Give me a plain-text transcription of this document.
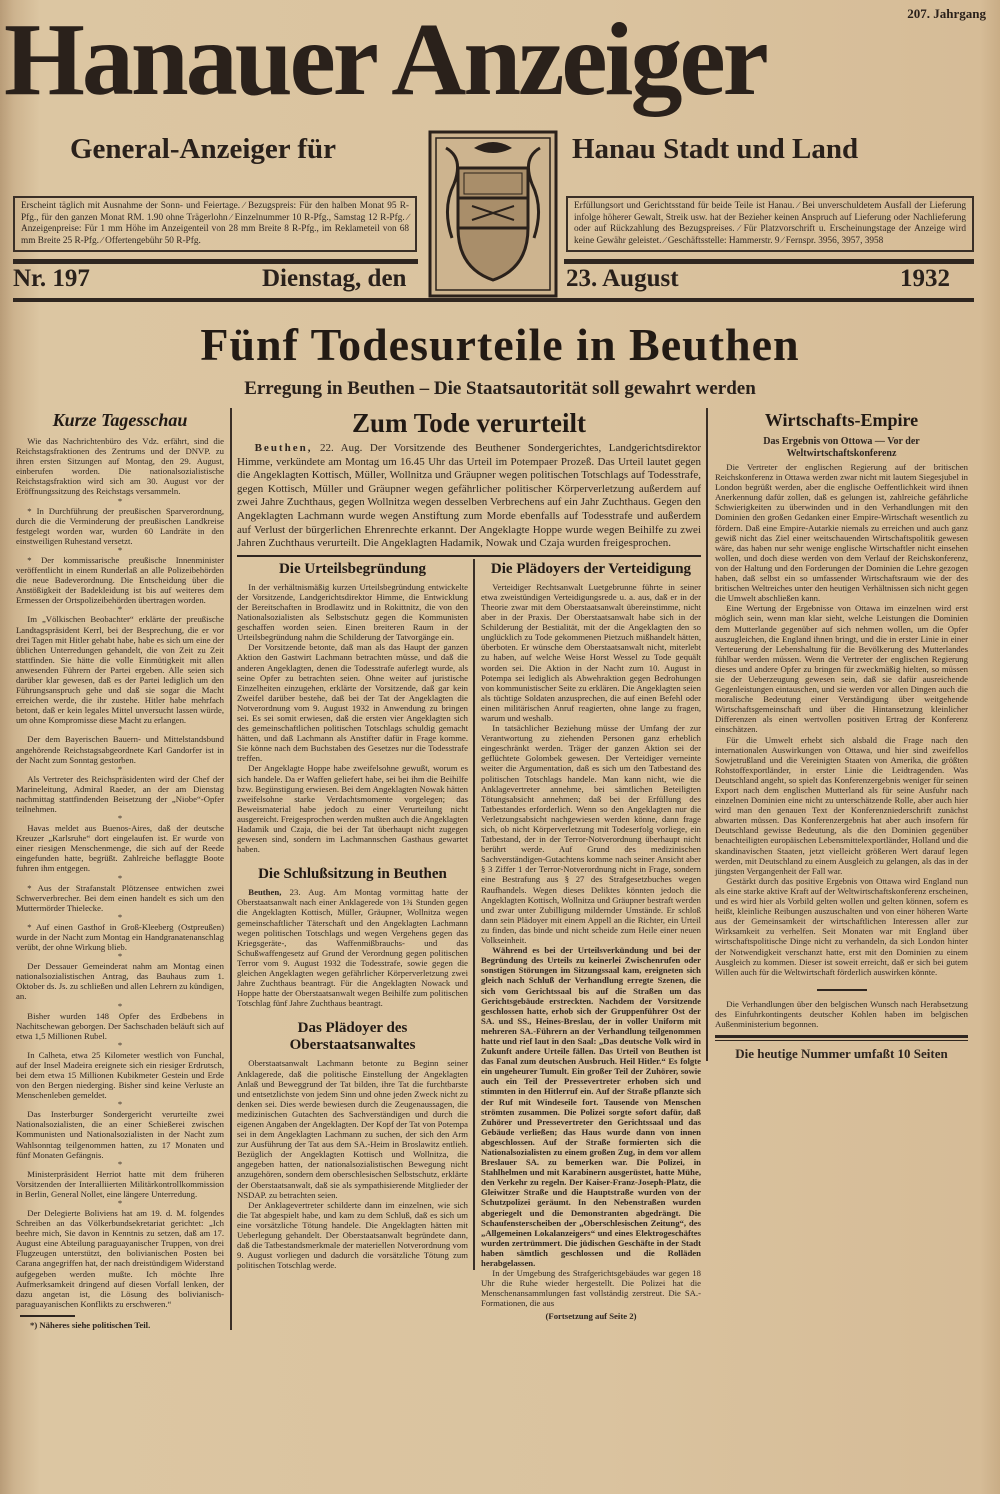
Hanauer Anzeiger	207. Jahrgang
General-Anzeiger für	Hanau Stadt und Land
Erscheint täglich mit Ausnahme der Sonn- und Feiertage. ∕ Bezugspreis: Für den halben Monat 95 R-Pfg., für den ganzen Monat RM. 1.90 ohne Trägerlohn ∕ Einzelnummer 10 R-Pfg., Samstag 12 R-Pfg. ∕ Anzeigenpreise: Für 1 mm Höhe im Anzeigenteil von 28 mm Breite 8 R-Pfg., im Reklameteil von 68 mm Breite 25 R-Pfg. ∕ Offertengebühr 50 R-Pfg.
Erfüllungsort und Gerichtsstand für beide Teile ist Hanau. ∕ Bei unverschuldetem Ausfall der Lieferung infolge höherer Gewalt, Streik usw. hat der Bezieher keinen Anspruch auf Lieferung oder Nachlieferung oder auf Rückzahlung des Bezugspreises. ∕ Für Platzvorschrift u. Erscheinungstage der Anzeige wird keine Gewähr geleistet. ∕ Geschäftsstelle: Hammerstr. 9 ∕ Fernspr. 3956, 3957, 3958
Nr. 197	Dienstag, den	23. August	1932
Fünf Todesurteile in Beuthen
Erregung in Beuthen – Die Staatsautorität soll gewahrt werden
Kurze Tagesschau

Wie das Nachrichtenbüro des Vdz. erfährt, sind die Reichstagsfraktionen des Zentrums und der DNVP. zu ihren ersten Sitzungen auf Montag, den 29. August, einberufen worden. Die nationalsozialistische Reichstagsfraktion wird sich am 30. August vor der Eröffnungssitzung des Reichstags versammeln.

*

* In Durchführung der preußischen Sparverordnung, durch die die Verminderung der preußischen Landkreise festgelegt worden war, wurden 60 Landräte in den einstweiligen Ruhestand versetzt.

*

* Der kommissarische preußische Innenminister veröffentlicht in einem Runderlaß an alle Polizeibehörden die neue Badeverordnung. Die Entscheidung über die Anstößigkeit der Badekleidung ist bis auf weiteres dem Ermessen der Ortspolizeibehörden übertragen worden.

*

Im „Völkischen Beobachter“ erklärte der preußische Landtagspräsident Kerrl, bei der Besprechung, die er vor drei Tagen mit Hitler gehabt habe, habe es sich um eine der üblichen Unterredungen gehandelt, die von Zeit zu Zeit stattfinden. Sie hätte die volle Einmütigkeit mit allen anwesenden Führern der Partei ergeben. Alle seien sich darüber klar gewesen, daß es der Partei lediglich um den Führungsanspruch gehe und daß sie sogar die Macht erreichen werde, die ihr zustehe. Hitler habe mehrfach betont, daß er kein legales Mittel unversucht lassen würde, um ohne Kompromisse diese Macht zu erlangen.

*

Der dem Bayerischen Bauern- und Mittelstandsbund angehörende Reichstagsabgeordnete Karl Gandorfer ist in der Nacht zum Sonntag gestorben.

*

Als Vertreter des Reichspräsidenten wird der Chef der Marineleitung, Admiral Raeder, an der am Dienstag nachmittag stattfindenden Beisetzung der „Niobe“-Opfer teilnehmen.

*

Havas meldet aus Buenos-Aires, daß der deutsche Kreuzer „Karlsruhe“ dort eingelaufen ist. Er wurde von einer riesigen Menschenmenge, die sich auf der Reede eingefunden hatte, begrüßt. Zahlreiche beflaggte Boote fuhren ihm entgegen.

*

* Aus der Strafanstalt Plötzensee entwichen zwei Schwerverbrecher. Bei dem einen handelt es sich um den Muttermörder Thielecke.

*

* Auf einen Gasthof in Groß-Kleeberg (Ostpreußen) wurde in der Nacht zum Montag ein Handgranatenanschlag verübt, der ohne Wirkung blieb.

*

Der Dessauer Gemeinderat nahm am Montag einen nationalsozialistischen Antrag, das Bauhaus zum 1. Oktober ds. Js. zu schließen und allen Lehrern zu kündigen, an.

*

Bisher wurden 148 Opfer des Erdbebens in Nachitschewan geborgen. Der Sachschaden beläuft sich auf etwa 1,5 Millionen Rubel.

*

In Calheta, etwa 25 Kilometer westlich von Funchal, auf der Insel Madeira ereignete sich ein riesiger Erdrutsch, bei dem etwa 15 Millionen Kubikmeter Gestein und Erde von den Bergen niederging. Bisher sind keine Verluste an Menschenleben gemeldet.

*

Das Insterburger Sondergericht verurteilte zwei Nationalsozialisten, die an einer Schießerei zwischen Kommunisten und Nationalsozialisten in der Nacht zum Wahlsonntag teilgenommen hatten, zu 17 Monaten und fünf Monaten Gefängnis.

*

Ministerpräsident Herriot hatte mit dem früheren Vorsitzenden der Interalliierten Militärkontrollkommission in Berlin, General Nollet, eine längere Unterredung.

*

Der Delegierte Boliviens hat am 19. d. M. folgendes Schreiben an das Völkerbundsekretariat gerichtet: „Ich beehre mich, Sie davon in Kenntnis zu setzen, daß am 17. August eine Abteilung paraguayanischer Truppen, von drei Flugzeugen unterstützt, den bolivianischen Posten bei Carana angegriffen hat, der nach dreistündigem Widerstand aufgegeben werden mußte. Ich möchte Ihre Aufmerksamkeit dringend auf diesen Vorfall lenken, der dazu angetan ist, die Lösung des bolivianisch-paraguayanischen Konflikts zu erschweren.“

*) Näheres siehe politischen Teil.
Zum Tode verurteilt

Beuthen, 22. Aug. Der Vorsitzende des Beuthener Sondergerichtes, Landgerichtsdirektor Himme, verkündete am Montag um 16.45 Uhr das Urteil im Potempaer Prozeß. Das Urteil lautet gegen die Angeklagten Kottisch, Müller, Wollnitza und Gräupner wegen politischen Totschlags auf Todesstrafe, gegen Kottisch, Müller und Gräupner wegen gefährlicher politischer Körperverletzung außerdem auf zwei Jahre Zuchthaus, gegen Wollnitza wegen desselben Verbrechens auf ein Jahr Zuchthaus. Gegen den Angeklagten Lachmann wurde wegen Anstiftung zum Morde ebenfalls auf Todesstrafe und außerdem auf Verlust der bürgerlichen Ehrenrechte erkannt. Der Angeklagte Hoppe wurde wegen Beihilfe zu zwei Jahren Zuchthaus verurteilt. Die Angeklagten Hadamik, Nowak und Czaja wurden freigesprochen.

Die Urteilsbegründung

In der verhältnismäßig kurzen Urteilsbegründung entwickelte der Vorsitzende, Landgerichtsdirektor Himme, die Entwicklung der Bereitschaften in Brodlawitz und in Rokittnitz, die von den Nationalsozialisten als Selbstschutz gegen die Kommunisten geschaffen worden seien. Einen breiteren Raum in der Urteilsbegründung nahm die Schilderung der Tatvorgänge ein.

Der Vorsitzende betonte, daß man als das Haupt der ganzen Aktion den Gastwirt Lachmann betrachten müsse, und daß die anderen Angeklagten, denen die Todesstrafe auferlegt wurde, als seine Opfer zu betrachten seien. Ohne weiter auf juristische Einzelheiten einzugehen, erklärte der Vorsitzende, daß gar kein Zweifel darüber bestehe, daß bei der Tat der Angeklagten die Notverordnung vom 9. August 1932 in Anwendung zu bringen sei. Es sei somit erwiesen, daß die ersten vier Angeklagten sich des gemeinschaftlichen politischen Totschlags schuldig gemacht hätten, und daß Lachmann als Anstifter dafür in Frage komme. Sie könne nach dem Buchstaben des Gesetzes nur die Todesstrafe treffen.

Der Angeklagte Hoppe habe zweifelsohne gewußt, worum es sich handele. Da er Waffen geliefert habe, sei bei ihm die Beihilfe bzw. Begünstigung erwiesen. Bei dem Angeklagten Nowak hätten zweifelsohne starke Verdachtsmomente vorgelegen; das Beweismaterial habe jedoch zu einer Verurteilung nicht ausgereicht. Freigesprochen werden mußten auch die Angeklagten Hadamik und Czaja, die bei der Tat überhaupt nicht zugegen gewesen sind, sondern im Lachmannschen Gasthaus gewartet haben.

Die Schlußsitzung in Beuthen

Beuthen, 23. Aug. Am Montag vormittag hatte der Oberstaatsanwalt nach einer Anklagerede von 1¾ Stunden gegen die Angeklagten Kottisch, Müller, Gräupner, Wollnitza wegen gemeinschaftlicher Täterschaft und den Angeklagten Lachmann wegen politischen Totschlags und wegen Vergehens gegen das Kriegsgeräte-, das Waffenmißbrauchs- und das Schußwaffengesetz auf Grund der Verordnung gegen politischen Terror vom 9. August 1932 die Todesstrafe, sowie gegen die gleichen Angeklagten wegen gefährlicher Körperverletzung zwei Jahre Zuchthaus beantragt. Für die Angeklagten Nowack und Hoppe hatte der Oberstaatsanwalt wegen Beihilfe zum politischen Totschlag fünf Jahre Zuchthaus beantragt.

Das Plädoyer des Oberstaatsanwaltes

Oberstaatsanwalt Lachmann betonte zu Beginn seiner Anklagerede, daß die politische Einstellung der Angeklagten Anlaß und Beweggrund der Tat bilden, ihre Tat die furchtbarste und entsetzlichste von jedem Sinn und ohne jeden Zweck nicht zu denken sei. Dies werde bewiesen durch die Zeugenaussagen, die medizinischen Gutachten des Sachverständigen und durch die eigenen Angaben der Angeklagten. Der Kopf der Tat von Potempa sei in dem Angeklagten Lachmann zu suchen, der sich den Arm zur Ausführung der Tat aus dem SA.-Heim in Broslawitz entlieh. Bezüglich der Angeklagten Kottisch und Wollnitza, die angegeben hatten, der nationalsozialistischen Bewegung nicht anzugehören, sondern dem oberschlesischen Selbstschutz, erklärte der Oberstaatsanwalt, daß sie als sympathisierende Mitglieder der NSDAP. zu betrachten seien.

Der Anklagevertreter schilderte dann im einzelnen, wie sich die Tat abgespielt habe, und kam zu dem Schluß, daß es sich um eine vorsätzliche Tötung handele. Die Angeklagten hätten mit Ueberlegung gehandelt. Der Oberstaatsanwalt begründete dann, daß die Tatbestandsmerkmale der materiellen Notverordnung vom 9. August vorliegen und dadurch die vorsätzliche Tötung zum politischen Totschlag werde.

Die Plädoyers der Verteidigung

Verteidiger Rechtsanwalt Luetgebrunne führte in seiner etwa zweistündigen Verteidigungsrede u. a. aus, daß er in der Theorie zwar mit dem Oberstaatsanwalt übereinstimme, nicht aber in der Praxis. Der Oberstaatsanwalt habe sich in der Schilderung der Bestialität, mit der die Angeklagten den so unglücklich zu Tode gekommenen Pietzuch mißhandelt hätten, überboten. Er wünsche dem Oberstaatsanwalt nicht, miterlebt zu haben, auf welche Weise Horst Wessel zu Tode gequält worden sei. Die Aktion in der Nacht zum 10. August in Potempa sei lediglich als Abwehraktion gegen Bedrohungen von kommunistischer Seite zu erklären. Die Angeklagten seien als tüchtige Soldaten anzusprechen, die auf einen Befehl oder einen militärischen Anruf reagierten, ohne lange zu fragen, warum und weshalb.

In tatsächlicher Beziehung müsse der Umfang der zur Verantwortung zu ziehenden Personen ganz erheblich eingeschränkt werden. Träger der ganzen Aktion sei der geflüchtete Golombek gewesen. Der Verteidiger verneinte weiter die Argumentation, daß es sich um den Tatbestand des politischen Totschlags handele. Man kann nicht, wie die Anklagevertreter annehme, bei sämtlichen Beteiligten Tötungsabsicht annehmen; daß bei der Erfüllung des Tatbestandes erforderlich. Wenn so den Angeklagten nur die Verletzungsabsicht nachgewiesen werden könne, dann frage sich, ob nicht Körperverletzung mit Todeserfolg vorliege, ein Tatbestand, der in der Terror-Notverordnung überhaupt nicht berührt werde. Auf Grund des medizinischen Sachverständigen-Gutachtens komme nach seiner Ansicht aber § 3 Ziffer 1 der Terror-Notverordnung nicht in Frage, sondern eine Bestrafung aus § 27 des Strafgesetzbuches wegen Raufhandels. Wegen dieses Deliktes könnten jedoch die Angeklagten Kottisch, Wollnitza und Gräupner bestraft werden und zwar unter Zubilligung mildernder Umstände. Er schloß dann sein Plädoyer mit einem Appell an die Richter, ein Urteil zu finden, das binde und nicht scheide zum Heile einer neuen Volkseinheit.

Während es bei der Urteilsverkündung und bei der Begründung des Urteils zu keinerlei Zwischenrufen oder sonstigen Störungen im Sitzungssaal kam, ereigneten sich gleich nach Schluß der Verhandlung erregte Szenen, die sich vom Gerichtssaal bis auf die Straßen um das Gerichtsgebäude erstreckten. Nachdem der Vorsitzende geschlossen hatte, erhob sich der Gruppenführer Ost der SA. und SS., Heines-Breslau, der in voller Uniform mit mehreren SA.-Führern an der Verhandlung teilgenommen hatte und rief laut in den Saal: „Das deutsche Volk wird in Zukunft andere Urteile fällen. Das Urteil von Beuthen ist das Fanal zum deutschen Ausbruch. Heil Hitler.“ Es folgte ein ungeheurer Tumult. Ein großer Teil der Zuhörer, sowie auch ein Teil der Pressevertreter erhoben sich und stimmten in den Hitlerruf ein. Auf der Straße pflanzte sich der Ruf mit Windeseile fort. Tausende von Menschen strömten zusammen. Die Polizei sorgte sofort dafür, daß Zuhörer und Pressevertreter den Gerichtssaal und das Gebäude verließen; das Haus wurde dann von innen abgeschlossen. Auf der Straße formierten sich die Nationalsozialisten zu einem großen Zug, in dem vor allem Breslauer SA. zu bemerken war. Die Polizei, in Stahlhelmen und mit Karabinern ausgerüstet, hatte Mühe, den Verkehr zu regeln. Der Kaiser-Franz-Joseph-Platz, die Gleiwitzer Straße und die Hauptstraße wurden von der Schutzpolizei geräumt. In den Nebenstraßen wurden abgeriegelt und die Demonstranten abgedrängt. Die Schaufensterscheiben der „Oberschlesischen Zeitung“, des „Allgemeinen Lokalanzeigers“ und eines Elektrogeschäftes wurden zertrümmert. Die jüdischen Geschäfte in der Stadt haben sämtlich geschlossen und die Rolläden herabgelassen.

In der Umgebung des Strafgerichtsgebäudes war gegen 18 Uhr die Ruhe wieder hergestellt. Die Polizei hat die Menschenansammlungen fast vollständig zerstreut. Die SA.-Formationen, die aus

(Fortsetzung auf Seite 2)
Wirtschafts-Empire
Das Ergebnis von Ottowa — Vor der Weltwirtschaftskonferenz

Die Vertreter der englischen Regierung auf der britischen Reichskonferenz in Ottawa werden zwar nicht mit lautem Siegesjubel in London begrüßt werden, aber die englische Oeffentlichkeit wird ihnen Anerkennung dafür zollen, daß es gelungen ist, zahlreiche gefährliche Schwierigkeiten zu überwinden und in den Verhandlungen mit den Dominien den großen Gedanken einer Empire-Wirtschaft wesentlich zu fördern. Daß eine Empire-Autarkie niemals zu erreichen und auch ganz gewiß nicht das Ziel einer weitschauenden Wirtschaftspolitik gewesen wäre, das haben nur sehr wenige englische Wirtschaftler nicht einsehen wollen, und doch diese werden von dem Verlauf der Reichskonferenz, von der Haltung und den Forderungen der Dominien die Lehre gezogen haben, daß selbst ein so umfassender Wirtschaftsraum wie der des britischen Weltreiches unter den heutigen Verhältnissen sich nicht gegen die Umwelt abschließen kann.

Eine Wertung der Ergebnisse von Ottawa im einzelnen wird erst möglich sein, wenn man klar sieht, welche Leistungen die Dominien dem Mutterlande gegenüber auf sich nehmen wollen, um die Opfer auszugleichen, die England ihnen bringt, und die in erster Linie in einer Verteuerung der Lebenshaltung für die Bevölkerung des Mutterlandes fühlbar werden müssen. Wenn die Vertreter der englischen Regierung dieses und andere Opfer zu bringen für zweckmäßig hielten, so müssen sie der Ueberzeugung gewesen sein, daß sie dafür ausreichende Gegenleistungen eintauschen, und sie werden vor allen Dingen auch die moralische Bedeutung einer Verständigung über weitgehende Wirtschaftsgemeinschaft und über die Hintansetzung kleinlicher Differenzen als einen wertvollen positiven Ertrag der Konferenz einschätzen.

Für die Umwelt erhebt sich alsbald die Frage nach den internationalen Auswirkungen von Ottawa, und hier sind zweifellos Sowjetrußland und die Vereinigten Staaten von Amerika, die größten Rohstoffexportländer, in erster Linie die Leidtragenden. Was Deutschland angeht, so spielt das Konferenzergebnis weniger für seinen Export nach dem englischen Mutterland als für seine Ausfuhr nach einzelnen Dominien eine nicht zu unterschätzende Rolle, aber auch hier wird man den genauen Text der Konferenzniederschrift zunächst abwarten müssen. Das Konferenzergebnis hat aber auch insofern für Deutschland gewisse Bedeutung, als die den Dominien gegenüber benachteiligten europäischen Lebensmittelexportländer, Holland und die skandinavischen Staaten, jetzt vielleicht größeren Wert darauf legen werden, mit Deutschland zu einem Ausgleich zu gelangen, als das in der jüngsten Vergangenheit der Fall war.

Gestärkt durch das positive Ergebnis von Ottawa wird England nun als eine starke aktive Kraft auf der Weltwirtschaftskonferenz erscheinen, und es wird hier als Vorbild gelten wollen und gelten können, sofern es heißt, kleinliche Reibungen auszuschalten und von einer höheren Warte aus der Gemeinsamkeit der wirtschaftlichen Interessen aller zur Wirksamkeit zu verhelfen. Seit Monaten war mit England über wirtschaftspolitische Dinge nicht zu verhandeln, da sich London hinter der Notwendigkeit verschanzt hatte, erst mit den Dominien zu einem Ausgleich zu kommen. Dieser ist soweit erreicht, daß er sich bei gutem Willen auch für die Weltwirtschaft förderlich auswirken könnte.

Die Verhandlungen über den belgischen Wunsch nach Herabsetzung des Einfuhrkontingents deutscher Kohlen haben im belgischen Außenministerium begonnen.

Die heutige Nummer umfaßt 10 Seiten
